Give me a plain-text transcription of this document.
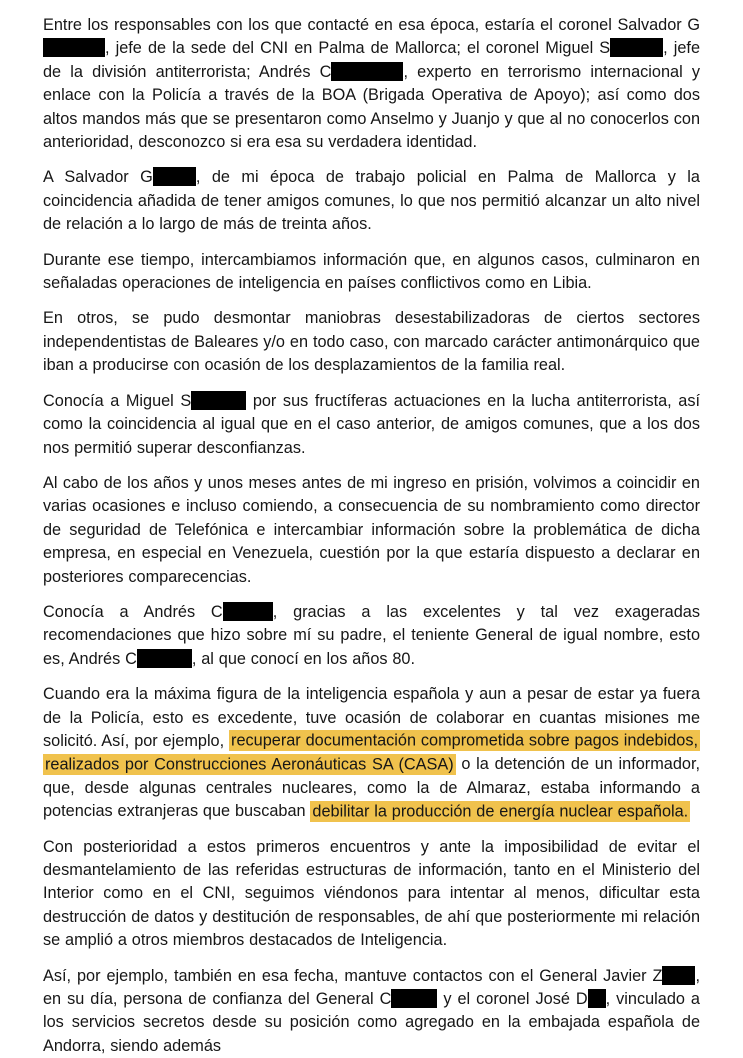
Entre los responsables con los que contacté en esa época, estaría el coronel Salvador G, jefe de la sede del CNI en Palma de Mallorca; el coronel Miguel S	, jefe de la división antiterrorista; Andrés C	, experto en terrorismo internacional y enlace con la Policía a través de la BOA (Brigada Operativa de Apoyo); así como dos altos mandos más que se presentaron como Anselmo y Juanjo y que al no conocerlos con anterioridad, desconozco si era esa su verdadera identidad.

A Salvador G	, de mi época de trabajo policial en Palma de Mallorca y la coincidencia añadida de tener amigos comunes, lo que nos permitió alcanzar un alto nivel de relación a lo largo de más de treinta años.

Durante ese tiempo, intercambiamos información que, en algunos casos, culminaron en señaladas operaciones de inteligencia en países conflictivos como en Libia.

En otros, se pudo desmontar maniobras desestabilizadoras de ciertos sectores independentistas de Baleares y/o en todo caso, con marcado carácter antimonárquico que iban a producirse con ocasión de los desplazamientos de la familia real.

Conocía a Miguel S	por sus fructíferas actuaciones en la lucha antiterrorista, así como la coincidencia al igual que en el caso anterior, de amigos comunes, que a los dos nos permitió superar desconfianzas.

Al cabo de los años y unos meses antes de mi ingreso en prisión, volvimos a coincidir en varias ocasiones e incluso comiendo, a consecuencia de su nombramiento como director de seguridad de Telefónica e intercambiar información sobre la problemática de dicha empresa, en especial en Venezuela, cuestión por la que estaría dispuesto a declarar en posteriores comparecencias.

Conocía a Andrés C	, gracias a las excelentes y tal vez exageradas recomendaciones que hizo sobre mí su padre, el teniente General de igual nombre, esto es, Andrés C	, al que conocí en los años 80.

Cuando era la máxima figura de la inteligencia española y aun a pesar de estar ya fuera de la Policía, esto es excedente, tuve ocasión de colaborar en cuantas misiones me solicitó. Así, por ejemplo, recuperar documentación comprometida sobre pagos indebidos, realizados por Construcciones Aeronáuticas SA (CASA) o la detención de un informador, que, desde algunas centrales nucleares, como la de Almaraz, estaba informando a potencias extranjeras que buscaban debilitar la producción de energía nuclear española.

Con posterioridad a estos primeros encuentros y ante la imposibilidad de evitar el desmantelamiento de las referidas estructuras de información, tanto en el Ministerio del Interior como en el CNI, seguimos viéndonos para intentar al menos, dificultar esta destrucción de datos y destitución de responsables, de ahí que posteriormente mi relación se amplió a otros miembros destacados de Inteligencia.

Así, por ejemplo, también en esa fecha, mantuve contactos con el General Javier Z , en su día, persona de confianza del General C	y el coronel José D , vinculado a los servicios secretos desde su posición como agregado en la embajada española de Andorra, siendo además
